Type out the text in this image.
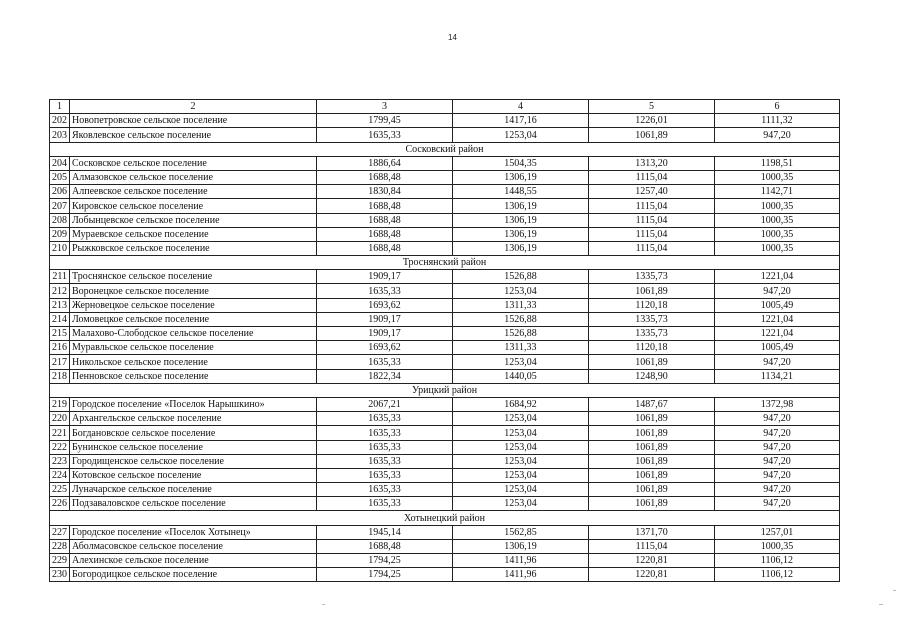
14
1	2	3	4	5	6
202	Новопетровское сельское поселение	1799,45	1417,16	1226,01	1111,32
203	Яковлевское сельское поселение	1635,33	1253,04	1061,89	947,20
Сосковский район					
204	Сосковское сельское поселение	1886,64	1504,35	1313,20	1198,51
205	Алмазовское сельское поселение	1688,48	1306,19	1115,04	1000,35
206	Алпеевское сельское поселение	1830,84	1448,55	1257,40	1142,71
207	Кировское сельское поселение	1688,48	1306,19	1115,04	1000,35
208	Лобынцевское сельское поселение	1688,48	1306,19	1115,04	1000,35
209	Мураевское сельское поселение	1688,48	1306,19	1115,04	1000,35
210	Рыжковское сельское поселение	1688,48	1306,19	1115,04	1000,35
Троснянский район					
211	Троснянское сельское поселение	1909,17	1526,88	1335,73	1221,04
212	Воронецкое сельское поселение	1635,33	1253,04	1061,89	947,20
213	Жерновецкое сельское поселение	1693,62	1311,33	1120,18	1005,49
214	Ломовецкое сельское поселение	1909,17	1526,88	1335,73	1221,04
215	Малахово-Слободское сельское поселение	1909,17	1526,88	1335,73	1221,04
216	Муравльское сельское поселение	1693,62	1311,33	1120,18	1005,49
217	Никольское сельское поселение	1635,33	1253,04	1061,89	947,20
218	Пенновское сельское поселение	1822,34	1440,05	1248,90	1134,21
Урицкий район					
219	Городское поселение «Поселок Нарышкино»	2067,21	1684,92	1487,67	1372,98
220	Архангельское сельское поселение	1635,33	1253,04	1061,89	947,20
221	Богдановское сельское поселение	1635,33	1253,04	1061,89	947,20
222	Бунинское сельское поселение	1635,33	1253,04	1061,89	947,20
223	Городищенское сельское поселение	1635,33	1253,04	1061,89	947,20
224	Котовское сельское поселение	1635,33	1253,04	1061,89	947,20
225	Луначарское сельское поселение	1635,33	1253,04	1061,89	947,20
226	Подзаваловское сельское поселение	1635,33	1253,04	1061,89	947,20
Хотынецкий район					
227	Городское поселение «Поселок Хотынец»	1945,14	1562,85	1371,70	1257,01
228	Аболмасовское сельское поселение	1688,48	1306,19	1115,04	1000,35
229	Алехинское сельское поселение	1794,25	1411,96	1220,81	1106,12
230	Богородицкое сельское поселение	1794,25	1411,96	1220,81	1106,12
